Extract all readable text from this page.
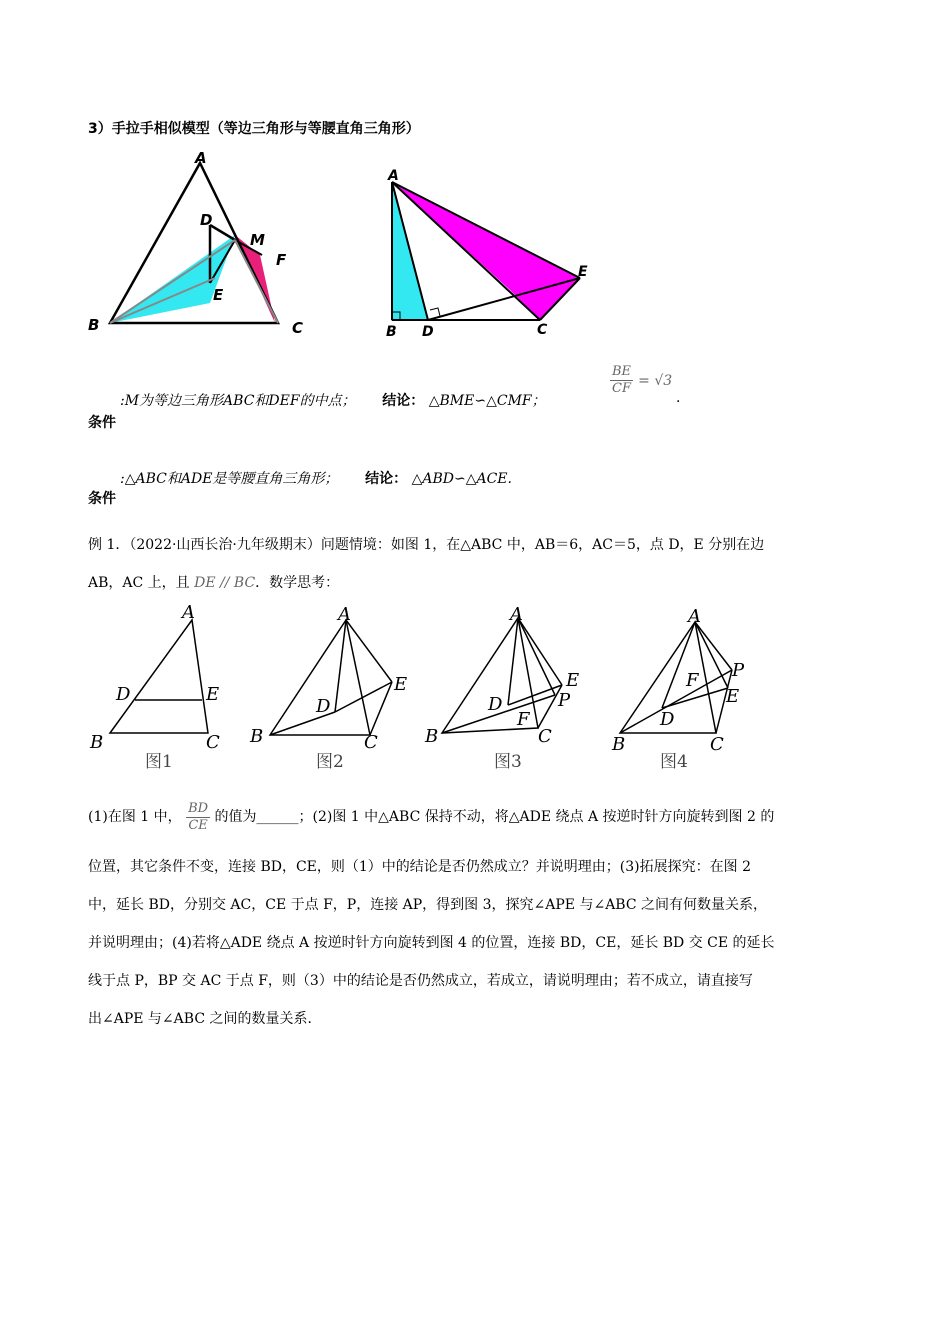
3）手拉手相似模型（等边三角形与等腰直角三角形）
A
B	C
D
E
F
M
A
B D	C
E
:M为等边三角形ABC和DEF的中点； 结论： △BME∽△CMF；
$\frac{BE}{CF} = √3$
.
条件
:△ABC和ADE是等腰直角三角形； 结论： △ABD∽△ACE.
条件
例 1．（2022·山西长治·九年级期末）问题情境：如图 1，在△ABC 中，AB＝6，AC＝5，点 D，E 分别在边
AB，AC 上，且 DE // BC．数学思考：
A
B	C
D	E
图1
A
B	C
D
E
图2
A
B	C
D
E
F
P
图3
A
B	C
D
E
F P
图4
(1)在图 1 中， $\frac{BD}{CE}$ 的值为______；(2)图 1 中△ABC 保持不动，将△ADE 绕点 A 按逆时针方向旋转到图 2 的
位置，其它条件不变，连接 BD，CE，则（1）中的结论是否仍然成立？并说明理由；(3)拓展探究：在图 2
中，延长 BD，分别交 AC，CE 于点 F，P，连接 AP，得到图 3，探究∠APE 与∠ABC 之间有何数量关系，
并说明理由；(4)若将△ADE 绕点 A 按逆时针方向旋转到图 4 的位置，连接 BD，CE，延长 BD 交 CE 的延长
线于点 P，BP 交 AC 于点 F，则（3）中的结论是否仍然成立，若成立，请说明理由；若不成立，请直接写
出∠APE 与∠ABC 之间的数量关系．
